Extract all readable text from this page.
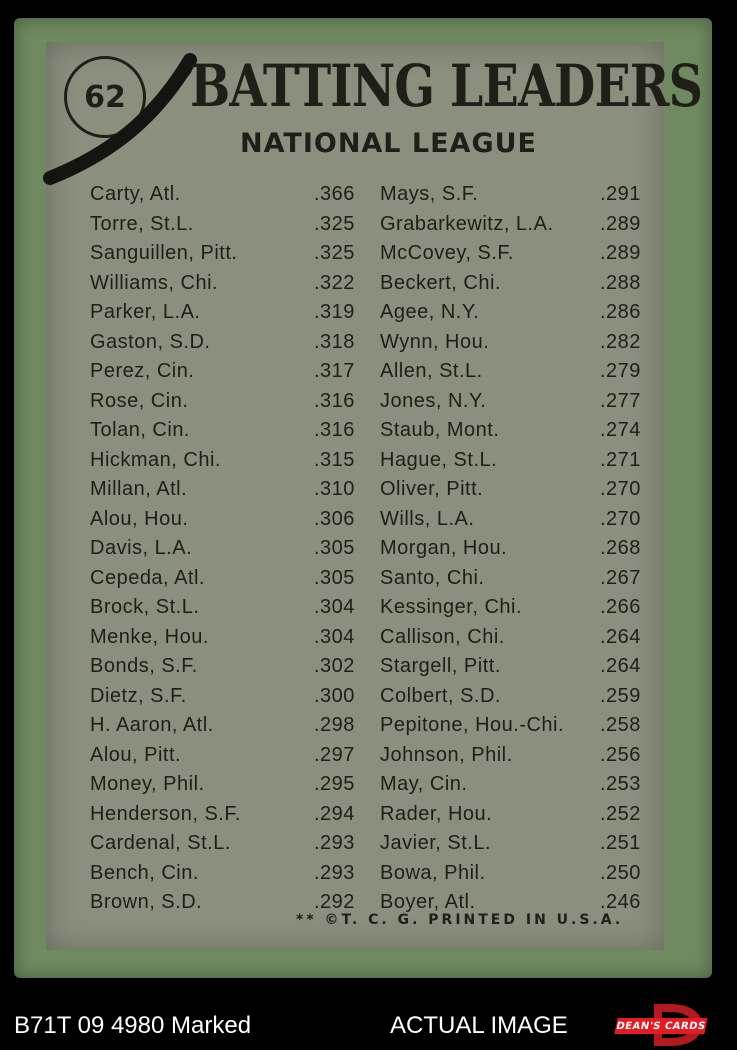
62	BATTING LEADERS
NATIONAL LEAGUE
Carty, Atl.	.366
Torre, St.L.	.325
Sanguillen, Pitt.	.325
Williams, Chi.	.322
Parker, L.A.	.319
Gaston, S.D.	.318
Perez, Cin.	.317
Rose, Cin.	.316
Tolan, Cin.	.316
Hickman, Chi.	.315
Millan, Atl.	.310
Alou, Hou.	.306
Davis, L.A.	.305
Cepeda, Atl.	.305
Brock, St.L.	.304
Menke, Hou.	.304
Bonds, S.F.	.302
Dietz, S.F.	.300
H. Aaron, Atl.	.298
Alou, Pitt.	.297
Money, Phil.	.295
Henderson, S.F.	.294
Cardenal, St.L.	.293
Bench, Cin.	.293
Brown, S.D.	.292
Mays, S.F.	.291
Grabarkewitz, L.A. .289
McCovey, S.F.	.289
Beckert, Chi.	.288
Agee, N.Y.	.286
Wynn, Hou.	.282
Allen, St.L.	.279
Jones, N.Y.	.277
Staub, Mont.	.274
Hague, St.L.	.271
Oliver, Pitt.	.270
Wills, L.A.	.270
Morgan, Hou.	.268
Santo, Chi.	.267
Kessinger, Chi.	.266
Callison, Chi.	.264
Stargell, Pitt.	.264
Colbert, S.D.	.259
Pepitone, Hou.-Chi. .258
Johnson, Phil.	.256
May, Cin.	.253
Rader, Hou.	.252
Javier, St.L.	.251
Bowa, Phil.	.250
Boyer, Atl.	.246
** ©T. C. G. PRINTED IN U.S.A.
B71T 09 4980 Marked	ACTUAL IMAGE	DEAN'S CARDS
